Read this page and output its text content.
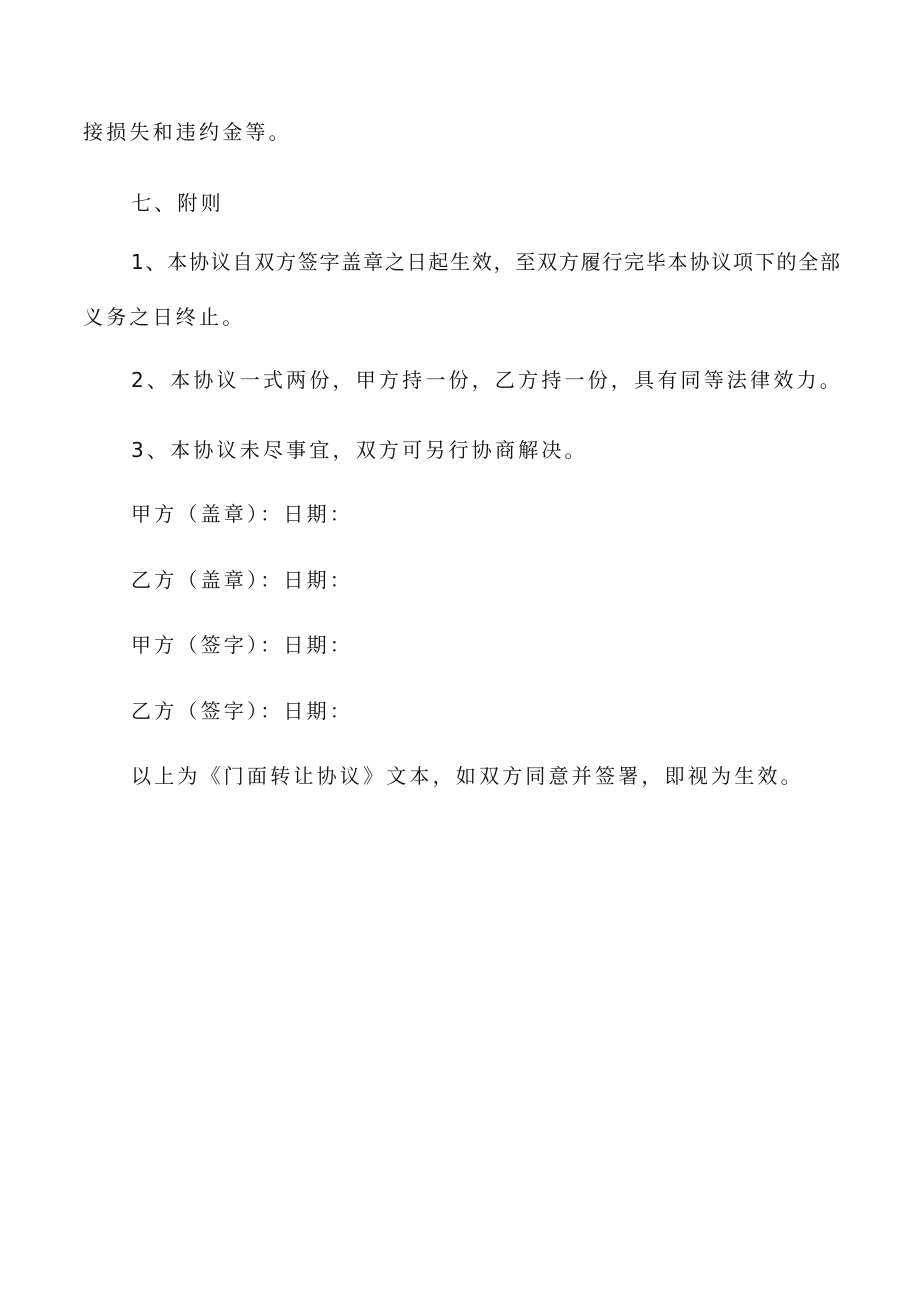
接损失和违约金等。

七、附则

1、本协议自双方签字盖章之日起生效，至双方履行完毕本协议项下的全部

义务之日终止。

2、本协议一式两份，甲方持一份，乙方持一份，具有同等法律效力。

3、本协议未尽事宜，双方可另行协商解决。

甲方（盖章）：日期：

乙方（盖章）：日期：

甲方（签字）：日期：

乙方（签字）：日期：

以上为《门面转让协议》文本，如双方同意并签署，即视为生效。
